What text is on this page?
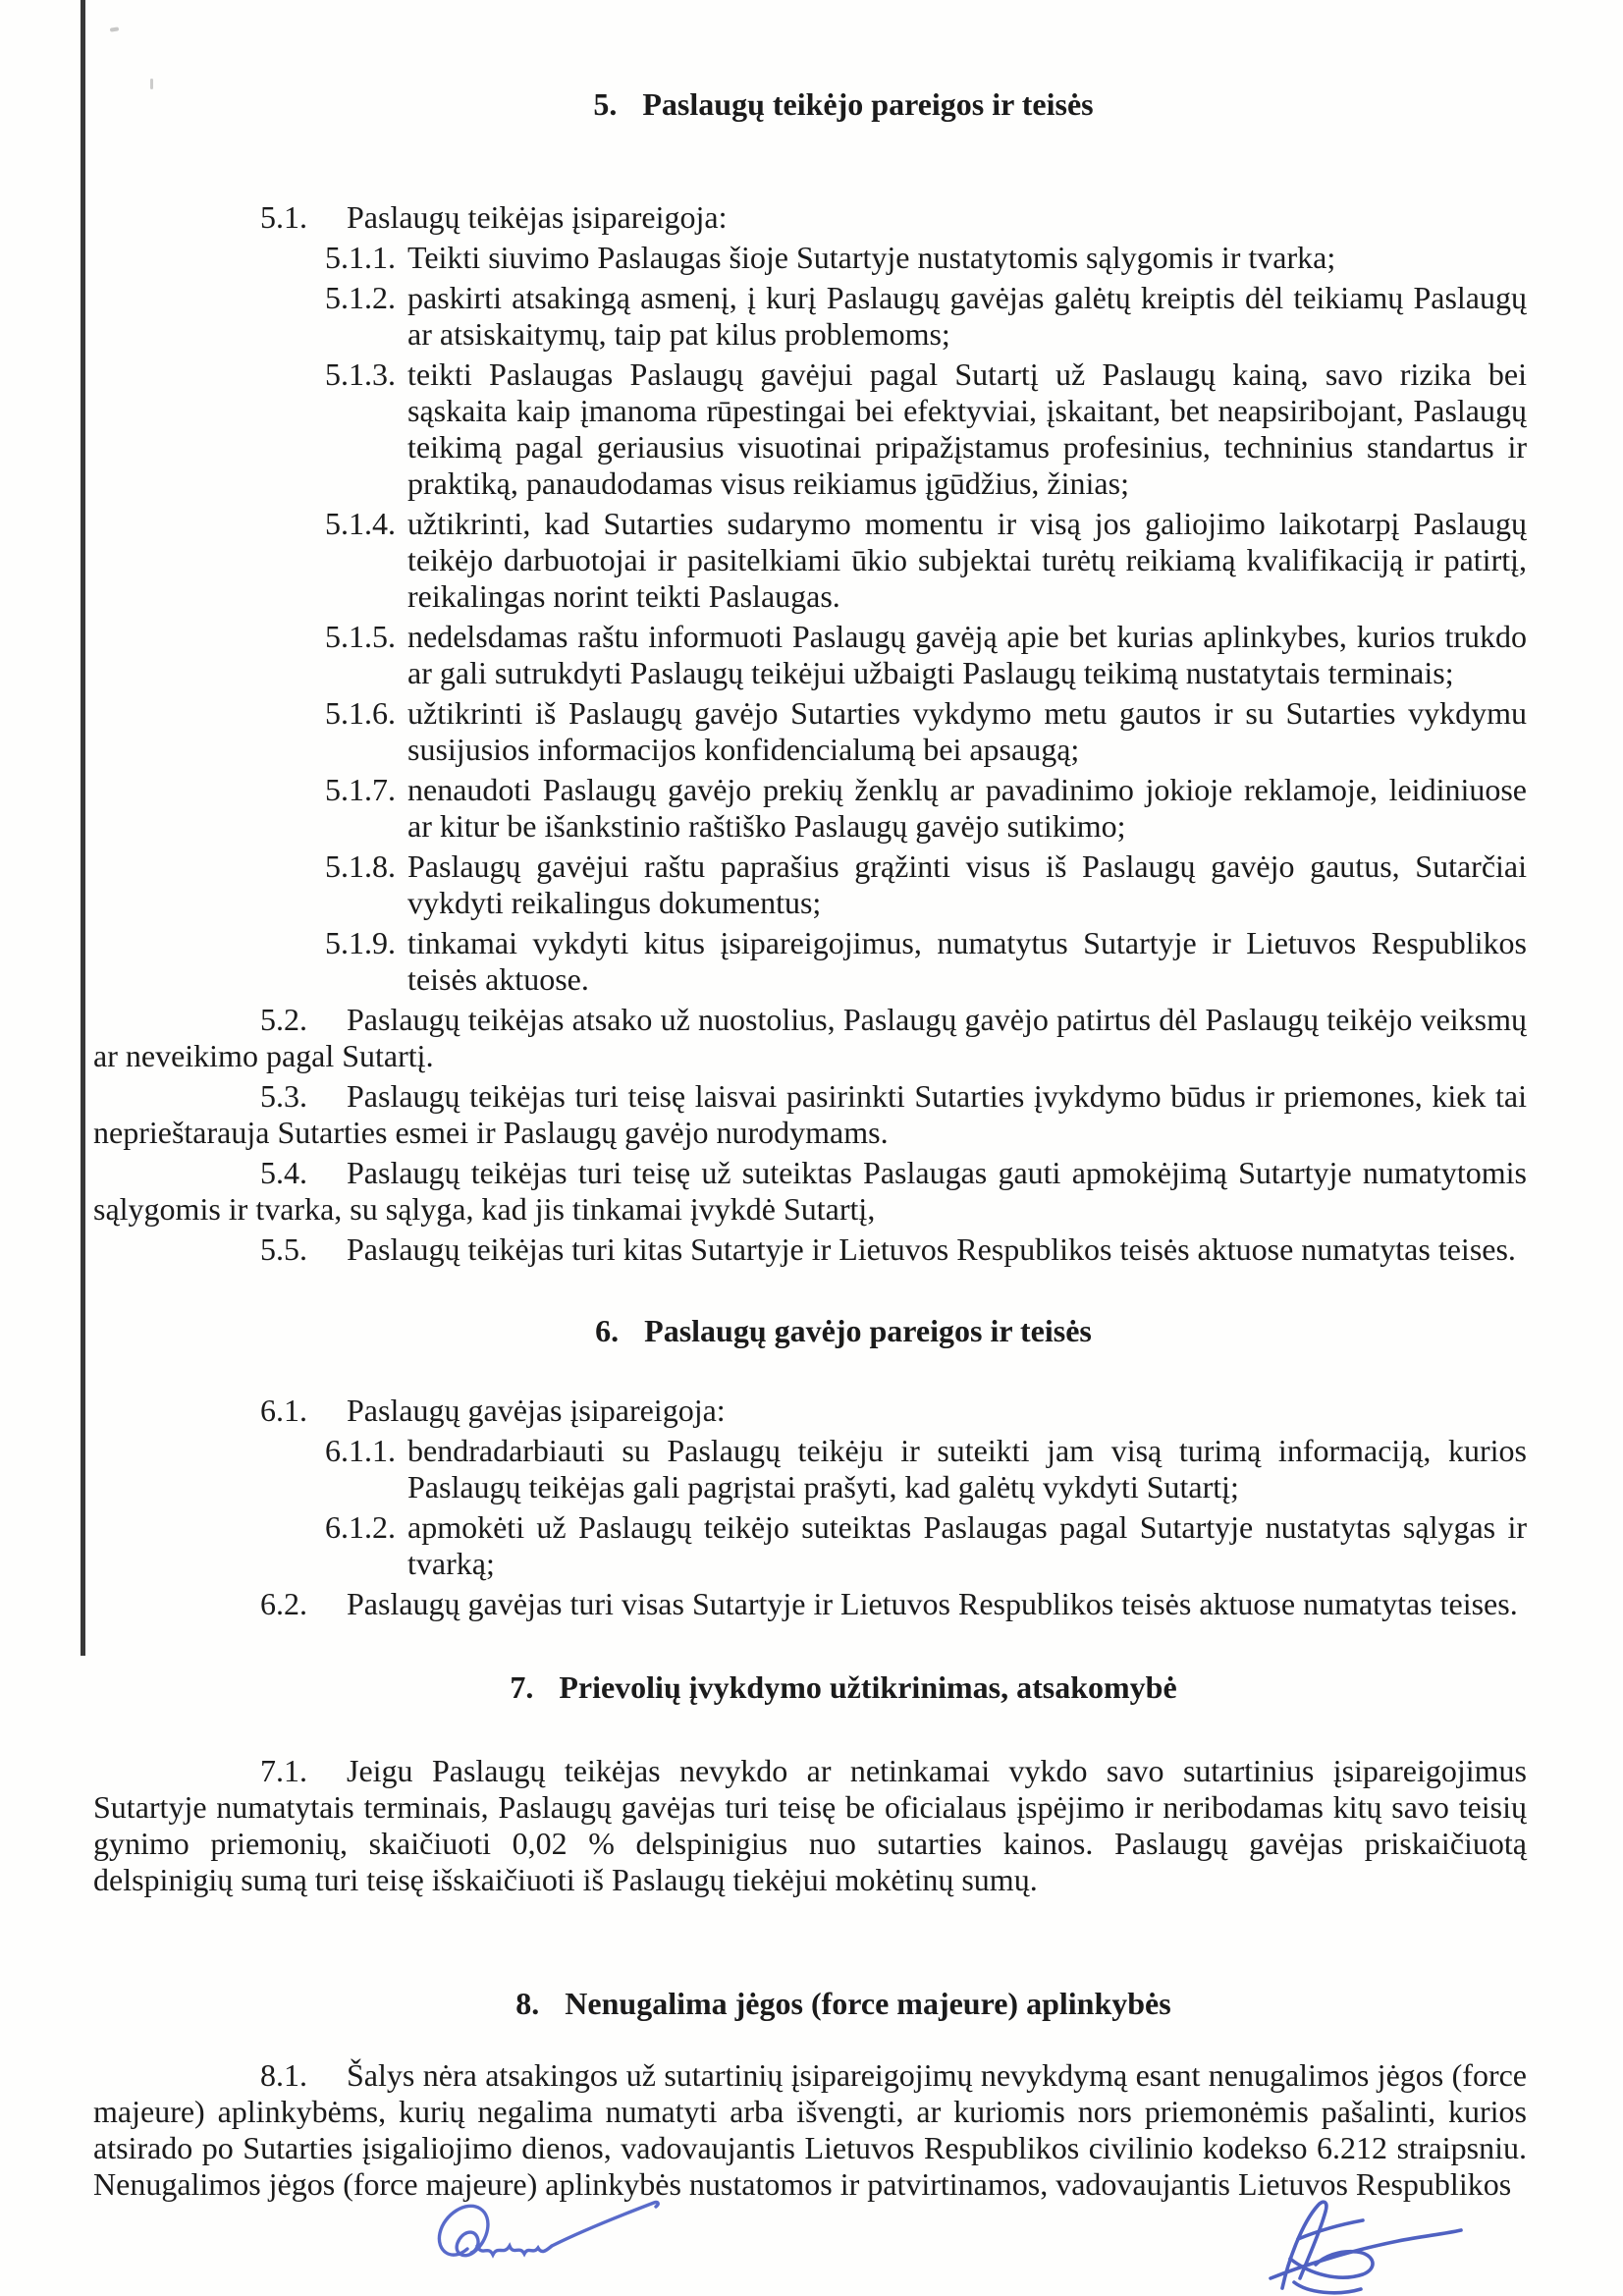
5. Paslaugų teikėjo pareigos ir teisės

5.1. Paslaugų teikėjas įsipareigoja:

5.1.1. Teikti siuvimo Paslaugas šioje Sutartyje nustatytomis sąlygomis ir tvarka;
5.1.2. paskirti atsakingą asmenį, į kurį Paslaugų gavėjas galėtų kreiptis dėl teikiamų Paslaugų ar atsiskaitymų, taip pat kilus problemoms;
5.1.3. teikti Paslaugas Paslaugų gavėjui pagal Sutartį už Paslaugų kainą, savo rizika bei sąskaita kaip įmanoma rūpestingai bei efektyviai, įskaitant, bet neapsiribojant, Paslaugų teikimą pagal geriausius visuotinai pripažįstamus profesinius, techninius standartus ir praktiką, panaudodamas visus reikiamus įgūdžius, žinias;
5.1.4. užtikrinti, kad Sutarties sudarymo momentu ir visą jos galiojimo laikotarpį Paslaugų teikėjo darbuotojai ir pasitelkiami ūkio subjektai turėtų reikiamą kvalifikaciją ir patirtį, reikalingas norint teikti Paslaugas.
5.1.5. nedelsdamas raštu informuoti Paslaugų gavėją apie bet kurias aplinkybes, kurios trukdo ar gali sutrukdyti Paslaugų teikėjui užbaigti Paslaugų teikimą nustatytais terminais;
5.1.6. užtikrinti iš Paslaugų gavėjo Sutarties vykdymo metu gautos ir su Sutarties vykdymu susijusios informacijos konfidencialumą bei apsaugą;
5.1.7. nenaudoti Paslaugų gavėjo prekių ženklų ar pavadinimo jokioje reklamoje, leidiniuose ar kitur be išankstinio raštiško Paslaugų gavėjo sutikimo;
5.1.8. Paslaugų gavėjui raštu paprašius grąžinti visus iš Paslaugų gavėjo gautus, Sutarčiai vykdyti reikalingus dokumentus;
5.1.9. tinkamai vykdyti kitus įsipareigojimus, numatytus Sutartyje ir Lietuvos Respublikos teisės aktuose.

5.2. Paslaugų teikėjas atsako už nuostolius, Paslaugų gavėjo patirtus dėl Paslaugų teikėjo veiksmų ar neveikimo pagal Sutartį.

5.3. Paslaugų teikėjas turi teisę laisvai pasirinkti Sutarties įvykdymo būdus ir priemones, kiek tai neprieštarauja Sutarties esmei ir Paslaugų gavėjo nurodymams.

5.4. Paslaugų teikėjas turi teisę už suteiktas Paslaugas gauti apmokėjimą Sutartyje numatytomis sąlygomis ir tvarka, su sąlyga, kad jis tinkamai įvykdė Sutartį,

5.5. Paslaugų teikėjas turi kitas Sutartyje ir Lietuvos Respublikos teisės aktuose numatytas teises.

6. Paslaugų gavėjo pareigos ir teisės

6.1. Paslaugų gavėjas įsipareigoja:

6.1.1. bendradarbiauti su Paslaugų teikėju ir suteikti jam visą turimą informaciją, kurios Paslaugų teikėjas gali pagrįstai prašyti, kad galėtų vykdyti Sutartį;
6.1.2. apmokėti už Paslaugų teikėjo suteiktas Paslaugas pagal Sutartyje nustatytas sąlygas ir tvarką;

6.2. Paslaugų gavėjas turi visas Sutartyje ir Lietuvos Respublikos teisės aktuose numatytas teises.

7. Prievolių įvykdymo užtikrinimas, atsakomybė

7.1. Jeigu Paslaugų teikėjas nevykdo ar netinkamai vykdo savo sutartinius įsipareigojimus Sutartyje numatytais terminais, Paslaugų gavėjas turi teisę be oficialaus įspėjimo ir neribodamas kitų savo teisių gynimo priemonių, skaičiuoti 0,02 % delspinigius nuo sutarties kainos. Paslaugų gavėjas priskaičiuotą delspinigių sumą turi teisę išskaičiuoti iš Paslaugų tiekėjui mokėtinų sumų.

8. Nenugalima jėgos (force majeure) aplinkybės

8.1. Šalys nėra atsakingos už sutartinių įsipareigojimų nevykdymą esant nenugalimos jėgos (force majeure) aplinkybėms, kurių negalima numatyti arba išvengti, ar kuriomis nors priemonėmis pašalinti, kurios atsirado po Sutarties įsigaliojimo dienos, vadovaujantis Lietuvos Respublikos civilinio kodekso 6.212 straipsniu. Nenugalimos jėgos (force majeure) aplinkybės nustatomos ir patvirtinamos, vadovaujantis Lietuvos Respublikos
